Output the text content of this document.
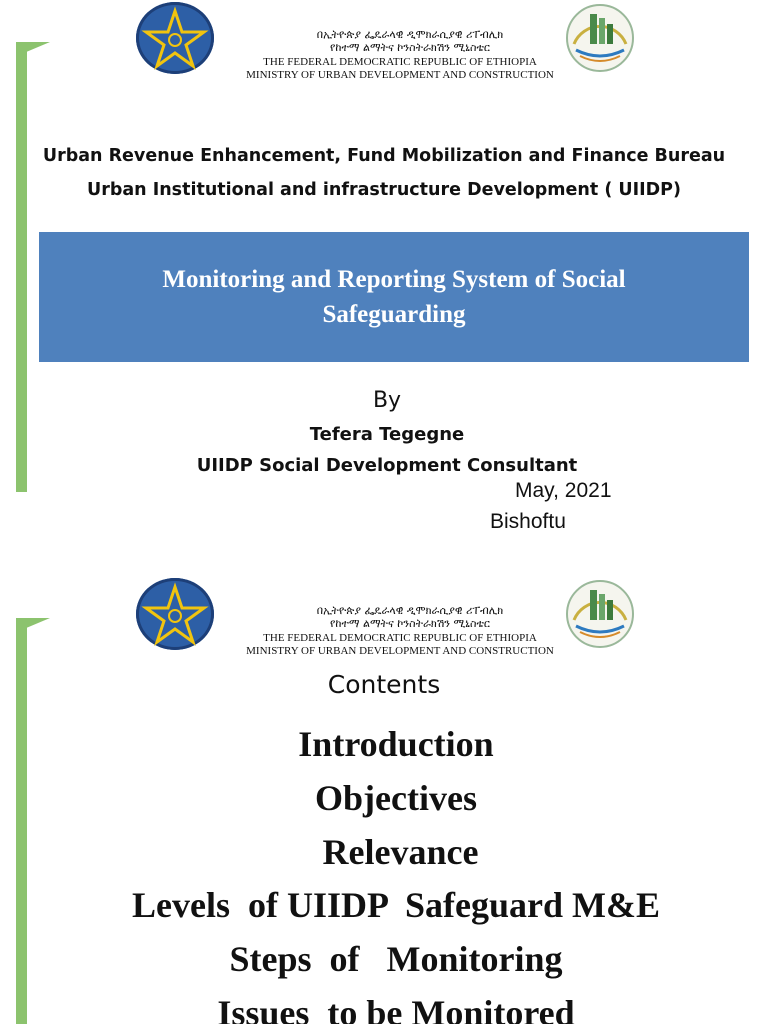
በኢትዮጵያ ፌዴራላዊ ዲሞክራሲያዊ ሪፐብሊክ
የከተማ ልማትና ኮንስትራክሽን ሚኒስቴር
THE FEDERAL DEMOCRATIC REPUBLIC OF ETHIOPIA
MINISTRY OF URBAN DEVELOPMENT AND CONSTRUCTION
Urban Revenue Enhancement, Fund Mobilization and Finance Bureau
Urban Institutional and infrastructure Development ( UIIDP)
Monitoring and Reporting System of Social
Safeguarding
By
Tefera Tegegne
UIIDP Social Development Consultant
May, 2021
Bishoftu
በኢትዮጵያ ፌዴራላዊ ዲሞክራሲያዊ ሪፐብሊክ
የከተማ ልማትና ኮንስትራክሽን ሚኒስቴር
THE FEDERAL DEMOCRATIC REPUBLIC OF ETHIOPIA
MINISTRY OF URBAN DEVELOPMENT AND CONSTRUCTION
Contents
Introduction
Objectives
Relevance
Levels  of UIIDP  Safeguard M&E
Steps  of   Monitoring
Issues  to be Monitored
